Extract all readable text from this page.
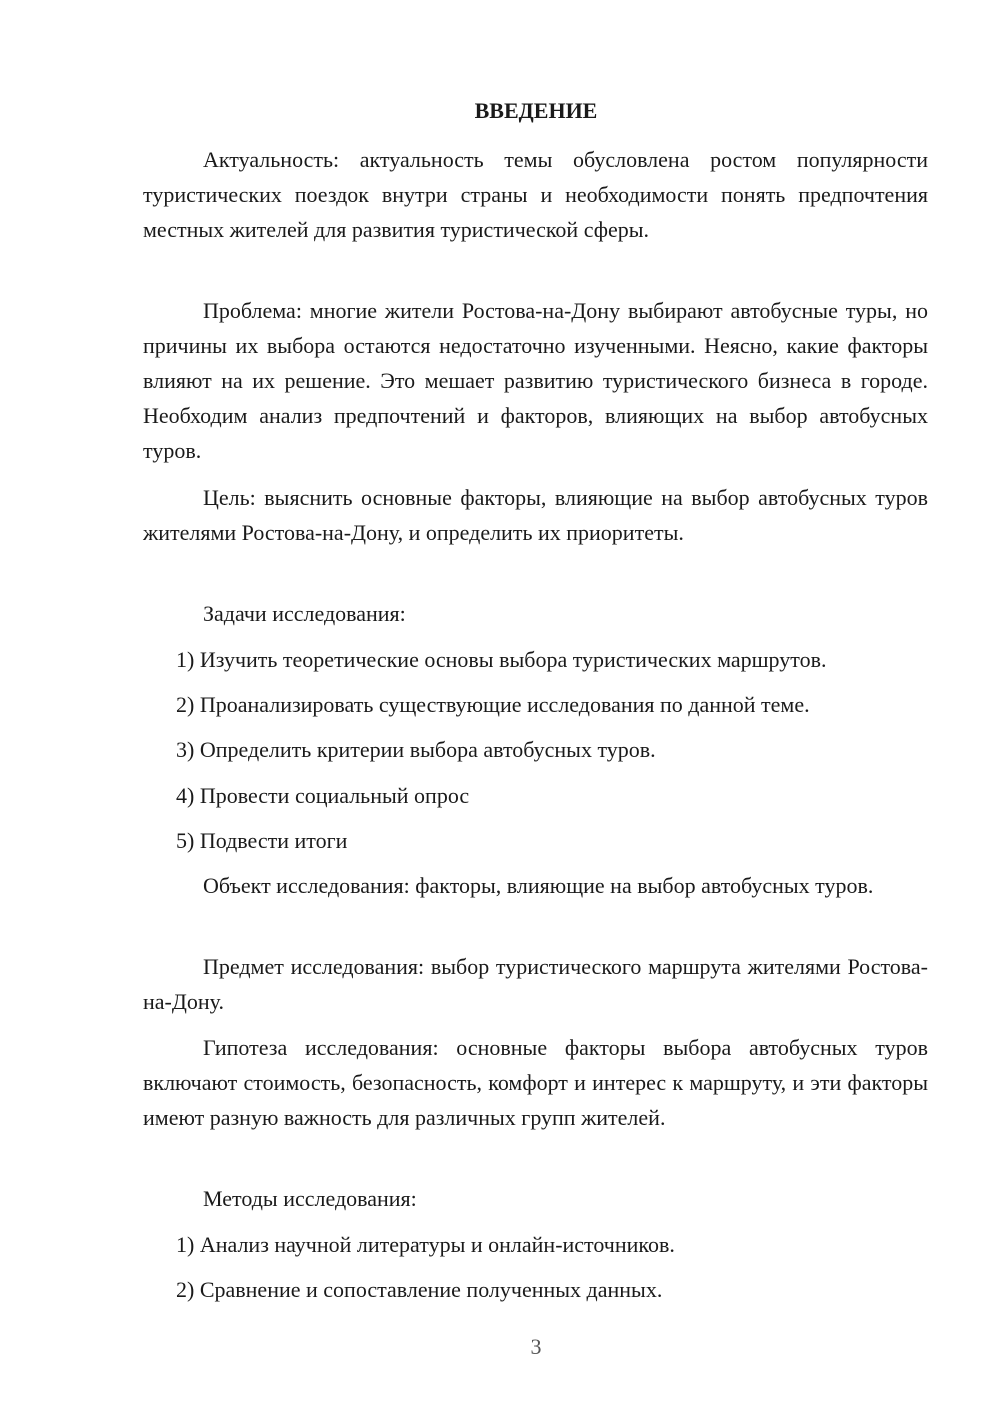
ВВЕДЕНИЕ

Актуальность: актуальность темы обусловлена ростом популярности туристических поездок внутри страны и необходимости понять предпочтения местных жителей для развития туристической сферы.

Проблема: многие жители Ростова-на-Дону выбирают автобусные туры, но причины их выбора остаются недостаточно изученными. Неясно, какие факторы влияют на их решение. Это мешает развитию туристического бизнеса в городе. Необходим анализ предпочтений и факторов, влияющих на выбор автобусных туров.

Цель: выяснить основные факторы, влияющие на выбор автобусных туров жителями Ростова-на-Дону, и определить их приоритеты.

Задачи исследования:

1) Изучить теоретические основы выбора туристических маршрутов.

2) Проанализировать существующие исследования по данной теме.

3) Определить критерии выбора автобусных туров.

4) Провести социальный опрос

5) Подвести итоги

Объект исследования: факторы, влияющие на выбор автобусных туров.

Предмет исследования: выбор туристического маршрута жителями Ростова-на-Дону.

Гипотеза исследования: основные факторы выбора автобусных туров включают стоимость, безопасность, комфорт и интерес к маршруту, и эти факторы имеют разную важность для различных групп жителей.

Методы исследования:

1) Анализ научной литературы и онлайн-источников.

2) Сравнение и сопоставление полученных данных.

3
